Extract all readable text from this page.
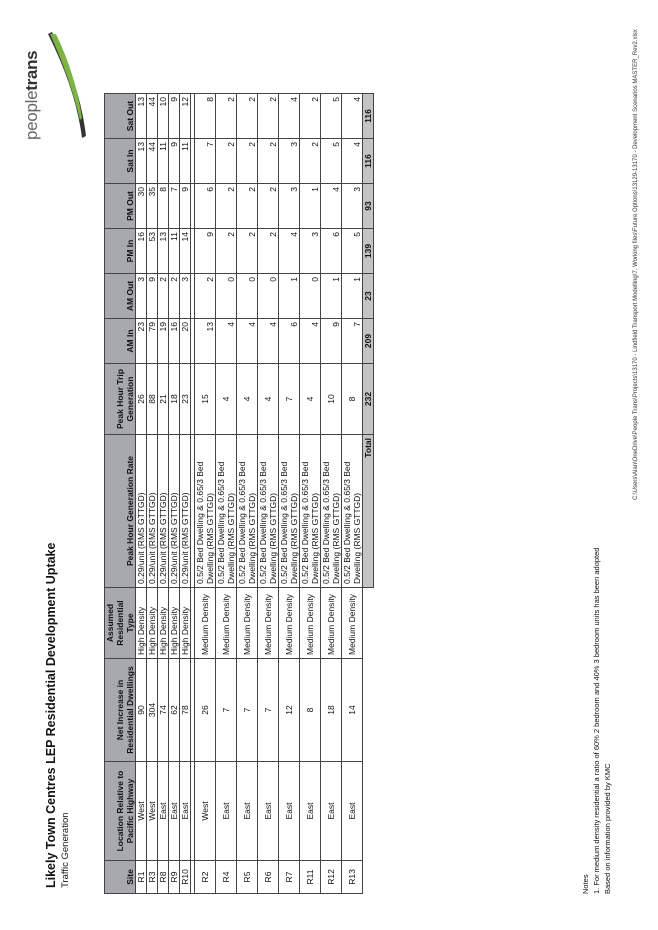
Likely Town Centres LEP Residential Development Uptake Traffic Generation
peopletrans
Site	Location Relative to Pacific Highway	Net Increase in Residential Dwellings	Assumed Residential Type	Peak Hour Generation Rate	Peak Hour Trip Generation	AM In	AM Out	PM In	PM Out	Sat In	Sat Out
R1	West	90	High Density	0.29/unit (RMS GTTGD)	26	23	3	16	30	13	13
R3	West	304	High Density	0.29/unit (RMS GTTGD)	88	79	9	53	35	44	44
R8	East	74	High Density	0.29/unit (RMS GTTGD)	21	19	2	13	8	11	10
R9	East	62	High Density	0.29/unit (RMS GTTGD)	18	16	2	11	7	9	9
R10	East	78	High Density	0.29/unit (RMS GTTGD)	23	20	3	14	9	11	12

R2	West	26	Medium Density	0.5/2 Bed Dwelling & 0.65/3 Bed Dwelling (RMS GTTGD)	15	13	2	9	6	7	8
R4	East	7	Medium Density	0.5/2 Bed Dwelling & 0.65/3 Bed Dwelling (RMS GTTGD)	4	4	0	2	2	2	2
R5	East	7	Medium Density	0.5/2 Bed Dwelling & 0.65/3 Bed Dwelling (RMS GTTGD)	4	4	0	2	2	2	2
R6	East	7	Medium Density	0.5/2 Bed Dwelling & 0.65/3 Bed Dwelling (RMS GTTGD)	4	4	0	2	2	2	2
R7	East	12	Medium Density	0.5/2 Bed Dwelling & 0.65/3 Bed Dwelling (RMS GTTGD)	7	6	1	4	3	3	4
R11	East	8	Medium Density	0.5/2 Bed Dwelling & 0.65/3 Bed Dwelling (RMS GTTGD)	4	4	0	3	1	2	2
R12	East	18	Medium Density	0.5/2 Bed Dwelling & 0.65/3 Bed Dwelling (RMS GTTGD)	10	9	1	6	4	5	5
R13	East	14	Medium Density	0.5/2 Bed Dwelling & 0.65/3 Bed Dwelling (RMS GTTGD)	8	7	1	5	3	4	4
				Total	232	209	23	139	93	116	116
Notes 1. For medium density residential a ratio of 60% 2 bedroom and 40% 3 bedroom units has been adopted Based on information provided by KMC
C:\Users\Alan\OneDrive\People Trans\Projects\13170 - Lindfield Transport Modelling\7. Working files\Future Options\13129-13170 - Development Scenarios MASTER_Rev2.xlsx
